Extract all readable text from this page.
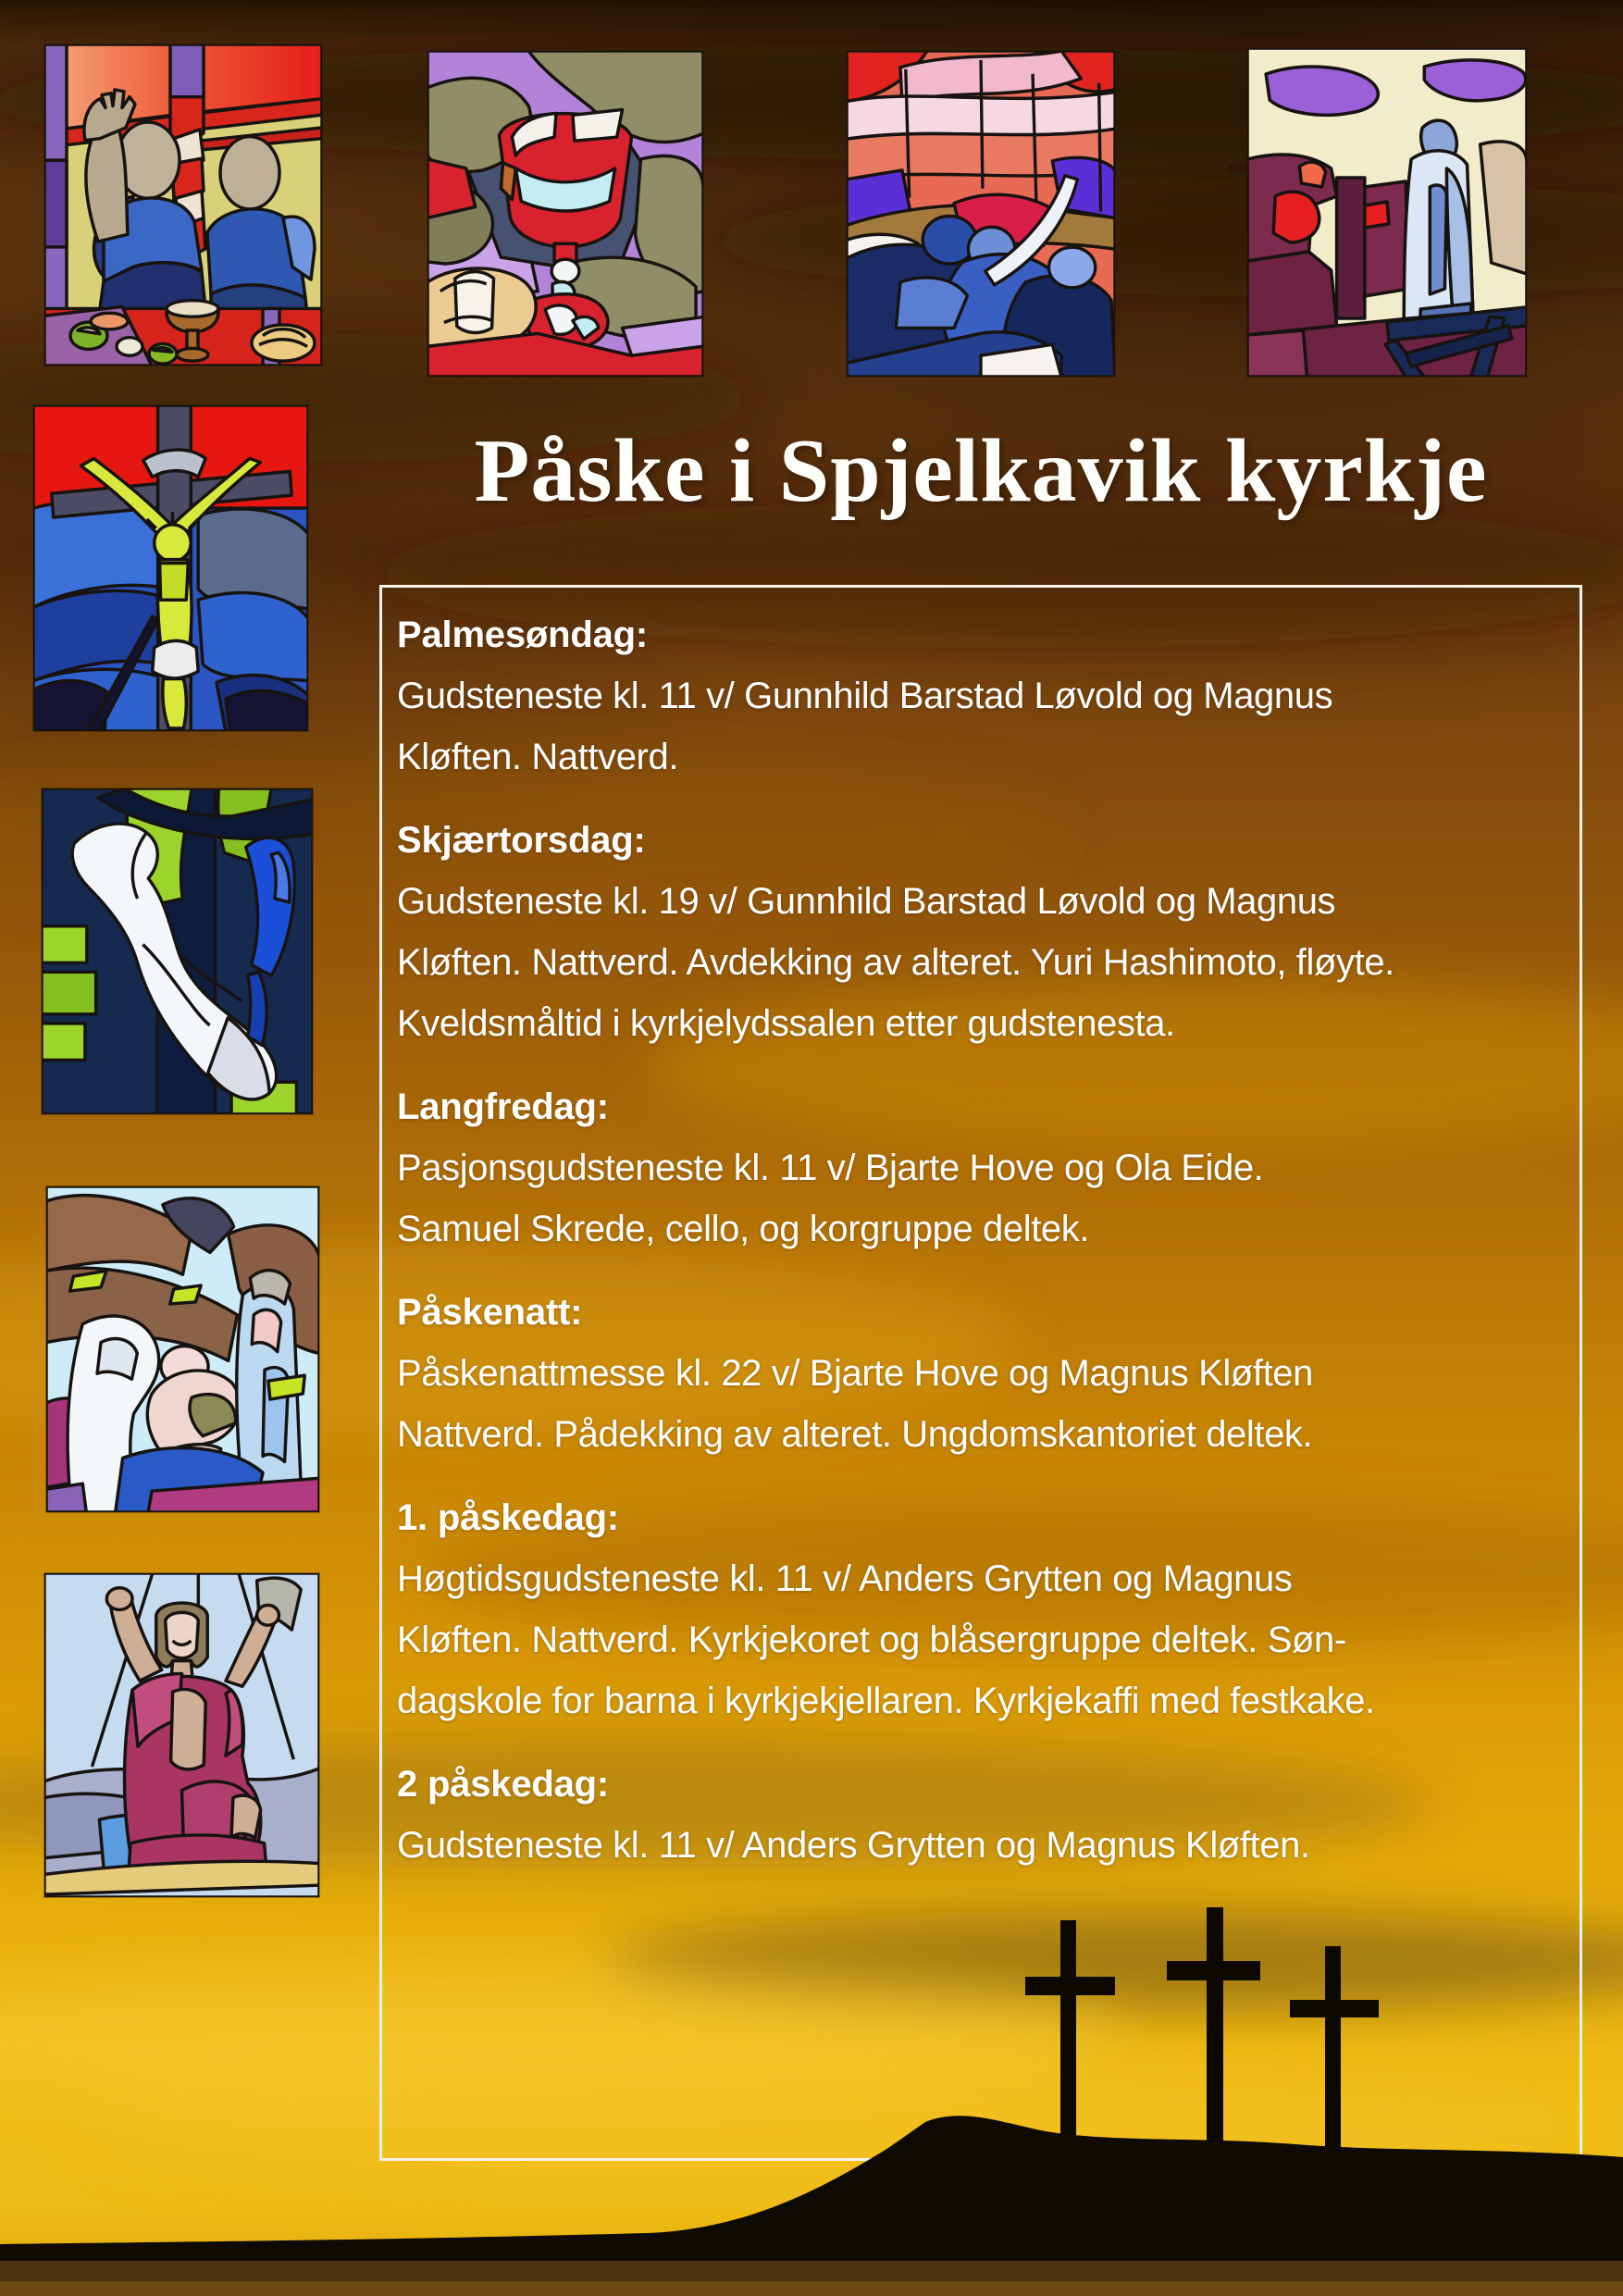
Påske i Spjelkavik kyrkje
Palmesøndag:
Gudsteneste kl. 11 v/ Gunnhild Barstad Løvold og Magnus
Kløften. Nattverd.
Skjærtorsdag:
Gudsteneste kl. 19 v/ Gunnhild Barstad Løvold og Magnus
Kløften. Nattverd. Avdekking av alteret. Yuri Hashimoto, fløyte.
Kveldsmåltid i kyrkjelydssalen etter gudstenesta.
Langfredag:
Pasjonsgudsteneste kl. 11 v/ Bjarte Hove og Ola Eide.
Samuel Skrede, cello, og korgruppe deltek.
Påskenatt:
Påskenattmesse kl. 22 v/ Bjarte Hove og Magnus Kløften
Nattverd. Pådekking av alteret. Ungdomskantoriet deltek.
1. påskedag:
Høgtidsgudsteneste kl. 11 v/ Anders Grytten og Magnus
Kløften. Nattverd. Kyrkjekoret og blåsergruppe deltek. Søn-
dagskole for barna i kyrkjekjellaren. Kyrkjekaffi med festkake.
2 påskedag:
Gudsteneste kl. 11 v/ Anders Grytten og Magnus Kløften.
